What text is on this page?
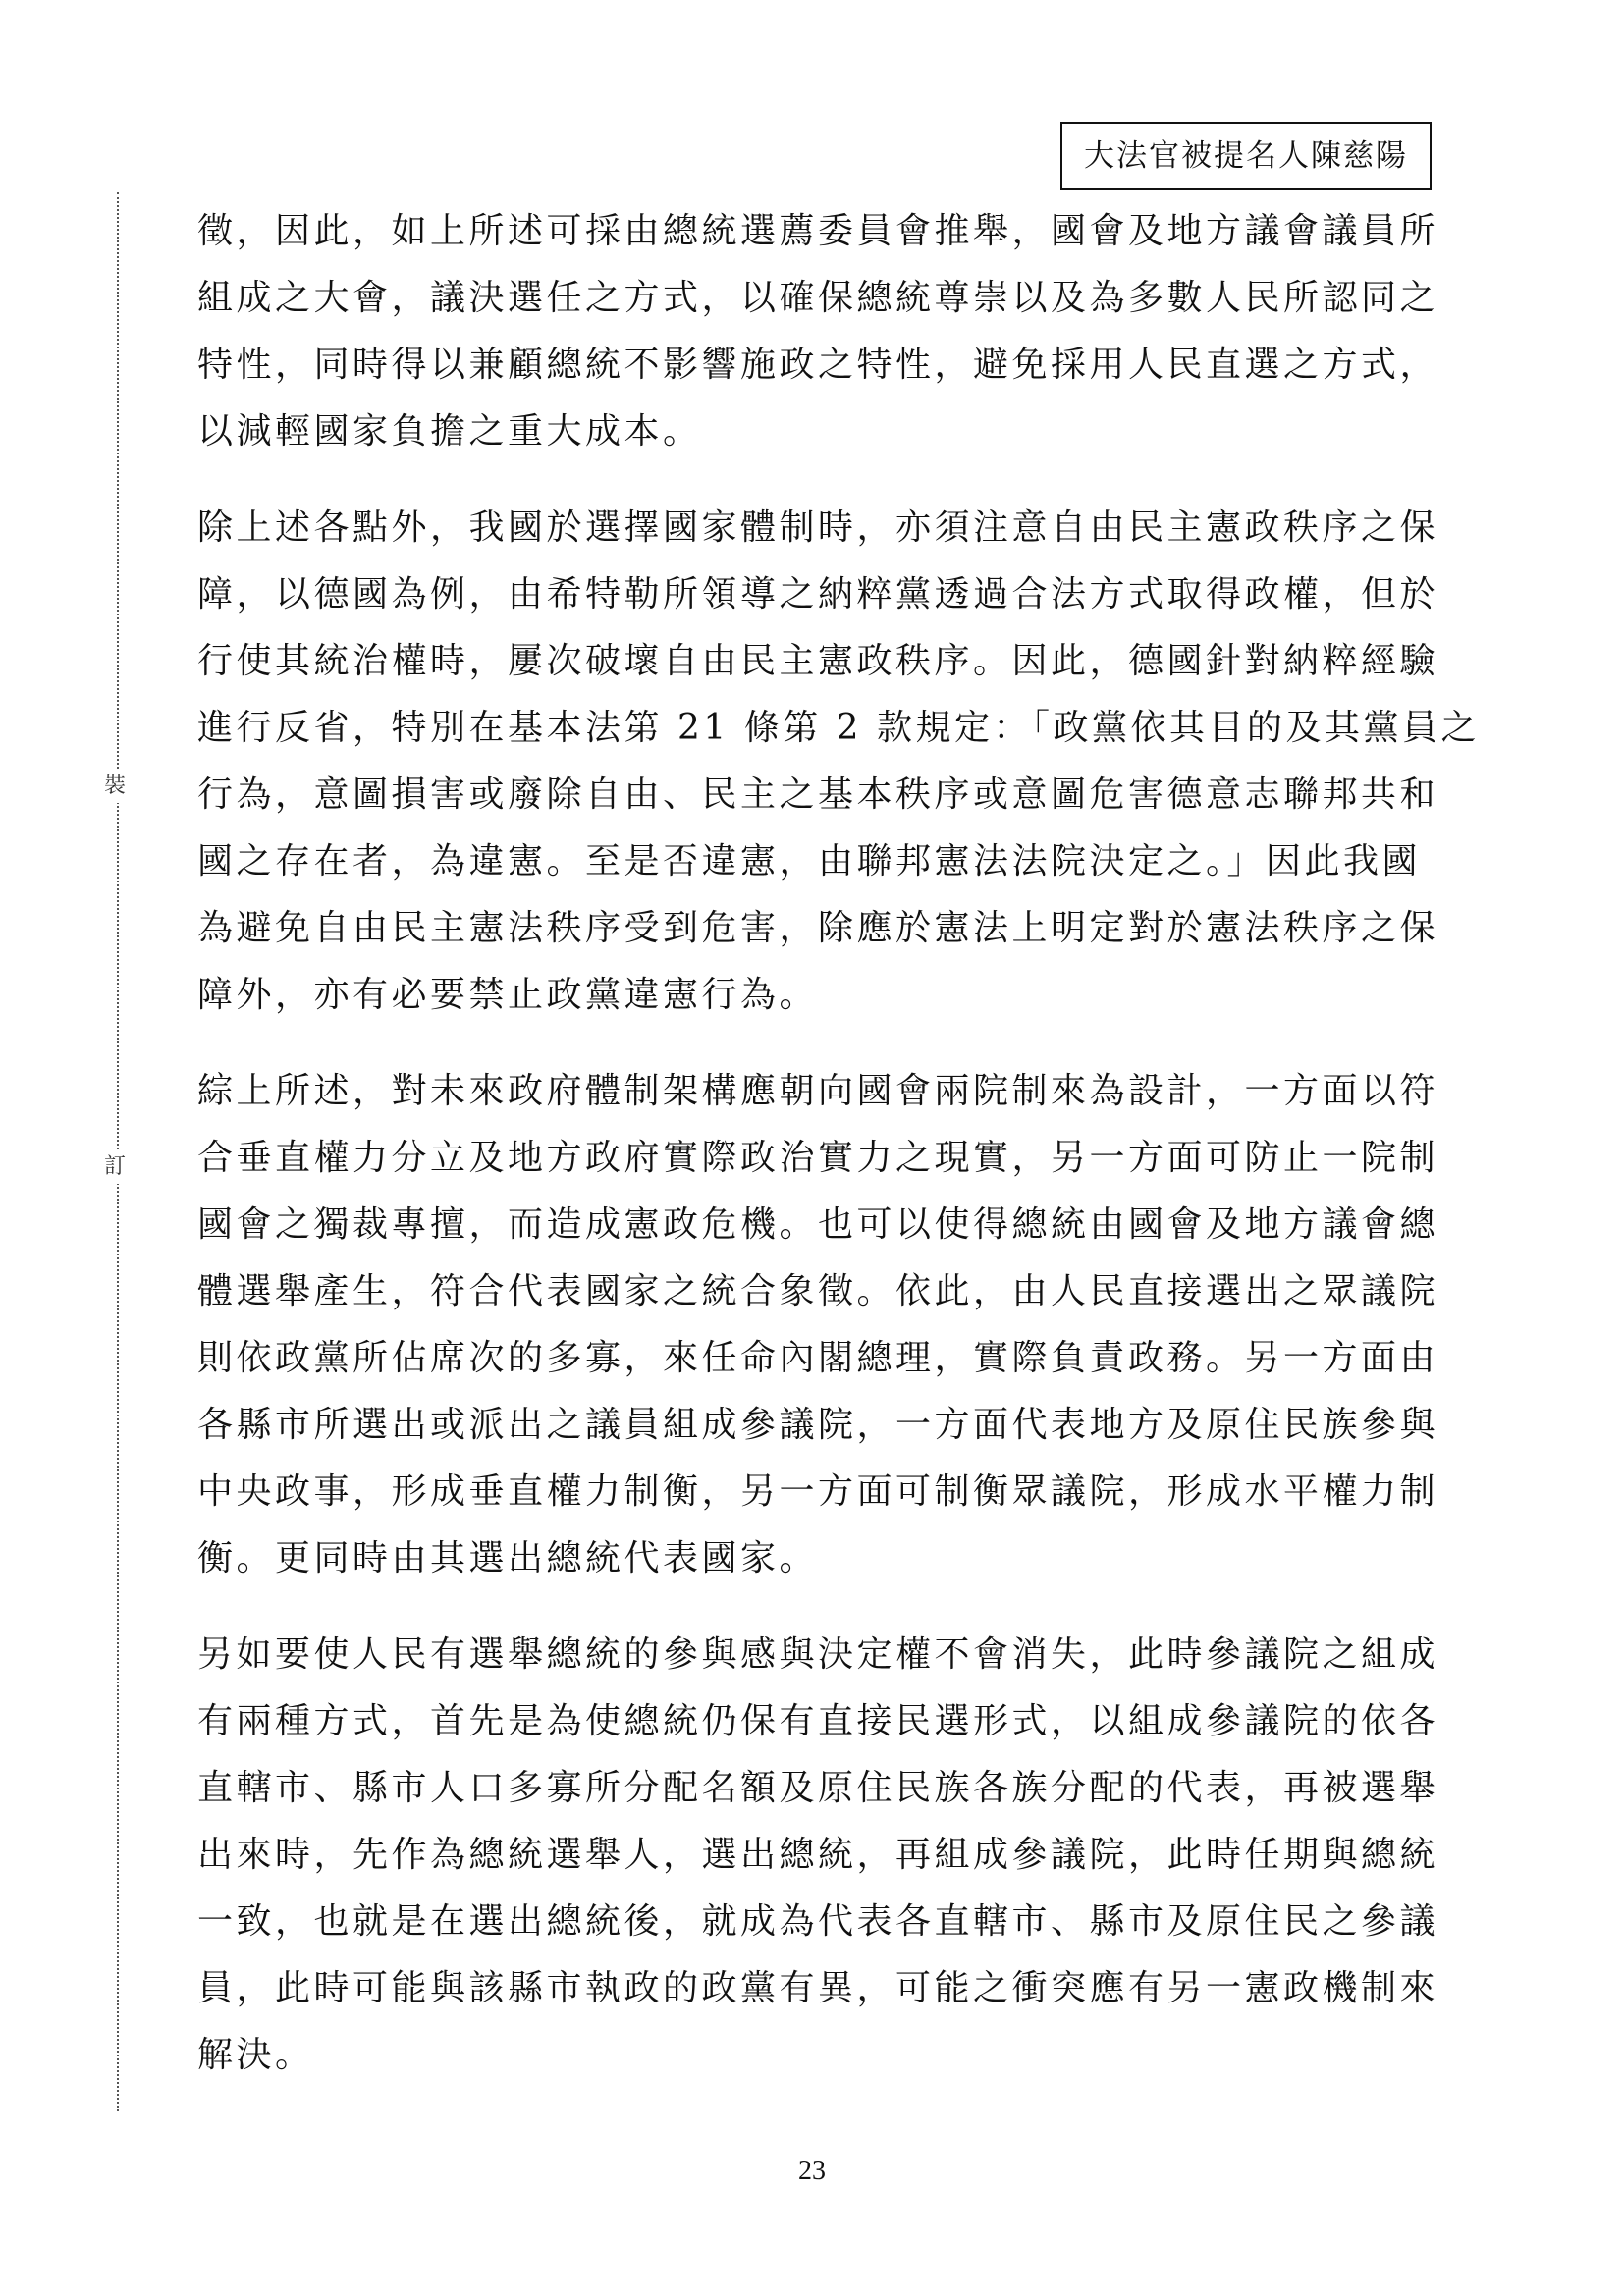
大法官被提名人陳慈陽
裝
訂

徵，因此，如上所述可採由總統選薦委員會推舉，國會及地方議會議員所
組成之大會，議決選任之方式，以確保總統尊崇以及為多數人民所認同之
特性，同時得以兼顧總統不影響施政之特性，避免採用人民直選之方式，
以減輕國家負擔之重大成本。

除上述各點外，我國於選擇國家體制時，亦須注意自由民主憲政秩序之保
障，以德國為例，由希特勒所領導之納粹黨透過合法方式取得政權，但於
行使其統治權時，屢次破壞自由民主憲政秩序。因此，德國針對納粹經驗
進行反省，特別在基本法第 21 條第 2 款規定：「政黨依其目的及其黨員之
行為，意圖損害或廢除自由、民主之基本秩序或意圖危害德意志聯邦共和
國之存在者，為違憲。至是否違憲，由聯邦憲法法院決定之。」因此我國
為避免自由民主憲法秩序受到危害，除應於憲法上明定對於憲法秩序之保
障外，亦有必要禁止政黨違憲行為。

綜上所述，對未來政府體制架構應朝向國會兩院制來為設計，一方面以符
合垂直權力分立及地方政府實際政治實力之現實，另一方面可防止一院制
國會之獨裁專擅，而造成憲政危機。也可以使得總統由國會及地方議會總
體選舉產生，符合代表國家之統合象徵。依此，由人民直接選出之眾議院
則依政黨所佔席次的多寡，來任命內閣總理，實際負責政務。另一方面由
各縣市所選出或派出之議員組成參議院，一方面代表地方及原住民族參與
中央政事，形成垂直權力制衡，另一方面可制衡眾議院，形成水平權力制
衡。更同時由其選出總統代表國家。

另如要使人民有選舉總統的參與感與決定權不會消失，此時參議院之組成
有兩種方式，首先是為使總統仍保有直接民選形式，以組成參議院的依各
直轄市、縣市人口多寡所分配名額及原住民族各族分配的代表，再被選舉
出來時，先作為總統選舉人，選出總統，再組成參議院，此時任期與總統
一致，也就是在選出總統後，就成為代表各直轄市、縣市及原住民之參議
員，此時可能與該縣市執政的政黨有異，可能之衝突應有另一憲政機制來
解決。

23
